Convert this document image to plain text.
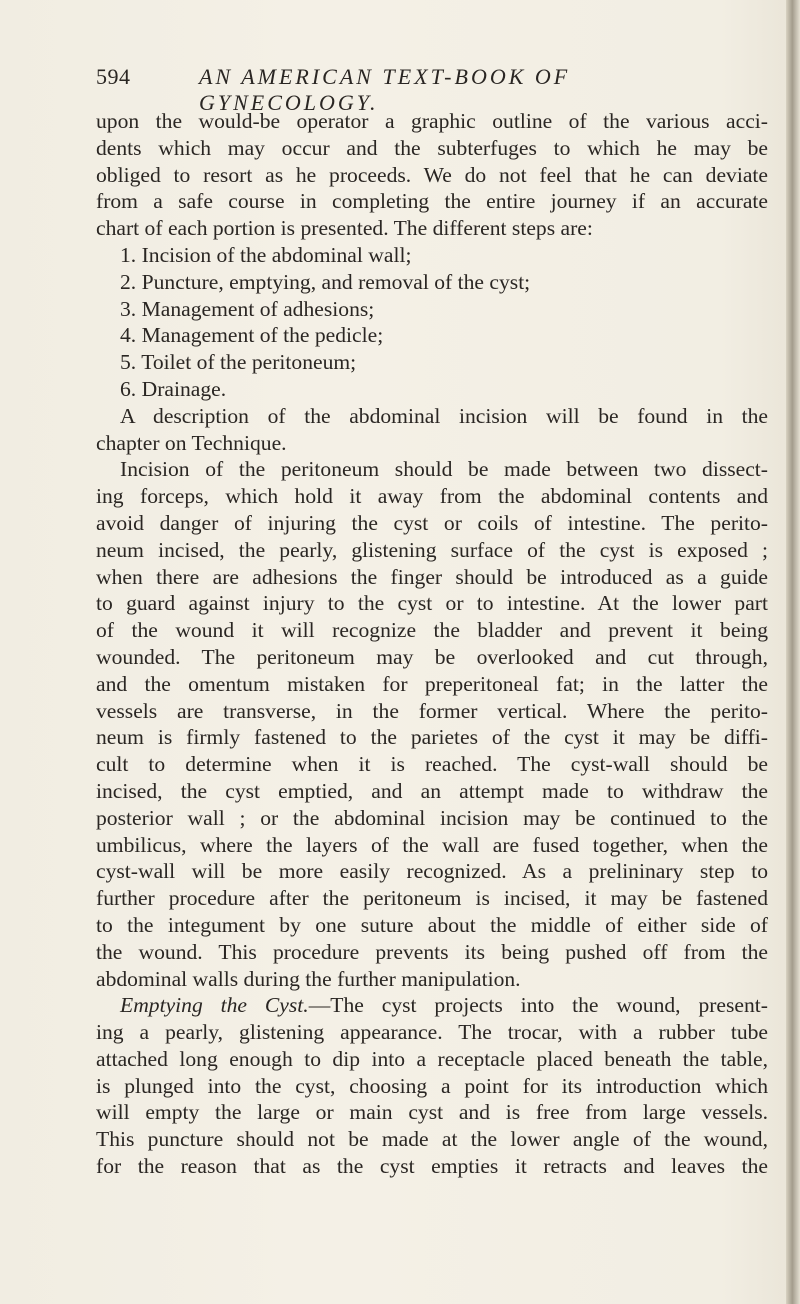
594	AN AMERICAN TEXT-BOOK OF GYNECOLOGY.
upon the would-be operator a graphic outline of the various acci-
dents which may occur and the subterfuges to which he may be
obliged to resort as he proceeds. We do not feel that he can deviate
from a safe course in completing the entire journey if an accurate
chart of each portion is presented. The different steps are:
1. Incision of the abdominal wall;
2. Puncture, emptying, and removal of the cyst;
3. Management of adhesions;
4. Management of the pedicle;
5. Toilet of the peritoneum;
6. Drainage.
A description of the abdominal incision will be found in the
chapter on Technique.
Incision of the peritoneum should be made between two dissect-
ing forceps, which hold it away from the abdominal contents and
avoid danger of injuring the cyst or coils of intestine. The perito-
neum incised, the pearly, glistening surface of the cyst is exposed ;
when there are adhesions the finger should be introduced as a guide
to guard against injury to the cyst or to intestine. At the lower part
of the wound it will recognize the bladder and prevent it being
wounded. The peritoneum may be overlooked and cut through,
and the omentum mistaken for preperitoneal fat; in the latter the
vessels are transverse, in the former vertical. Where the perito-
neum is firmly fastened to the parietes of the cyst it may be diffi-
cult to determine when it is reached. The cyst-wall should be
incised, the cyst emptied, and an attempt made to withdraw the
posterior wall ; or the abdominal incision may be continued to the
umbilicus, where the layers of the wall are fused together, when the
cyst-wall will be more easily recognized. As a prelininary step to
further procedure after the peritoneum is incised, it may be fastened
to the integument by one suture about the middle of either side of
the wound. This procedure prevents its being pushed off from the
abdominal walls during the further manipulation.
Emptying the Cyst.—The cyst projects into the wound, present-
ing a pearly, glistening appearance. The trocar, with a rubber tube
attached long enough to dip into a receptacle placed beneath the table,
is plunged into the cyst, choosing a point for its introduction which
will empty the large or main cyst and is free from large vessels.
This puncture should not be made at the lower angle of the wound,
for the reason that as the cyst empties it retracts and leaves the
